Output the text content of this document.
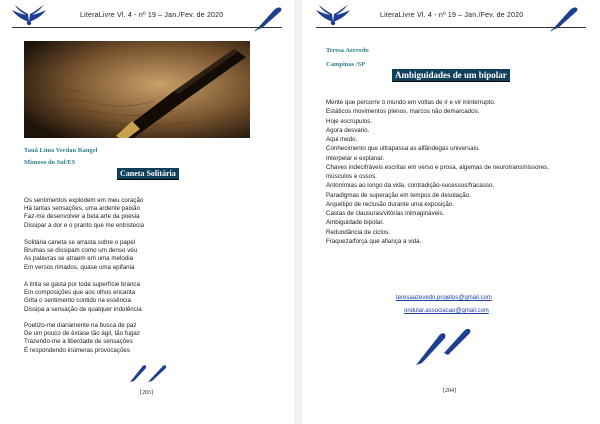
LiteraLivre Vl. 4 - nº 19 – Jan./Fev. de 2020
Tauã Lima Verdan Rangel
Mimoso do Sul/ES
Caneta Solitária
Os sentimentos explodem em meu coração
Há tantas sensações, uma ardente paixão
Faz-me desenvolver a bela arte da poesia
Dissipar a dor e o pranto que me entristecia
Solitária caneta se arrasta sobre o papel
Brumas se dissipam como um denso véu
As palavras se atraem em uma melodia
Em versos rimados, quase uma epifania
A tinta se gasta por toda superfície branca
Em composições que aos olhos encanta
Grita o sentimento contido na essência
Dissipa a sensação de qualquer indolência
Poetizo-me diariamente na busca de paz
De um pouco de êxtase tão ágil, tão fugaz
Trazendo-me a liberdade de sensações
É respondendo inúmeras provocações
[203]
LiteraLivre Vl. 4 - nº 19 – Jan./Fev. de 2020
Teresa Azevedo
Campinas /SP
Ambiguidades de um bipolar
Mente que percorre o mundo em voltas de ir e vir ininterrupto.
Estáticos movimentos plenos, marcos não demarcados.
Hoje escrúpulos.
Agora desvario.
Aqui medo.
Conhecimento que ultrapassa as alfândegas universais.
Interpelar e explanar.
Chaves indecifráveis escritas em verso e prosa, algemas de neurotransmissores,
músculos e ossos.
Antonímias ao longo da vida, contradição-sucessos/fracasso.
Paradigmas de superação em tempos de desolação.
Arquétipo de reclusão durante uma exposição.
Castas de clausuras/vitórias inimagináveis.
Ambiguidade bipolar.
Redundância de ciclos.
Fraqueza/força que afiança a vida.
teresaazevedo.projetos@gmail.com
ondular.associacao@gmail.com
[204]
